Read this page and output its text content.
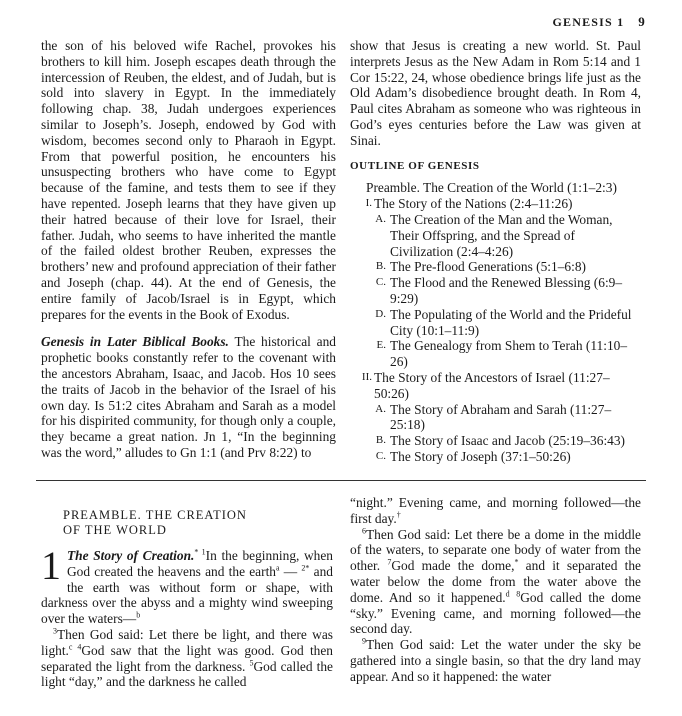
GENESIS 1 9

the son of his beloved wife Rachel, provokes his brothers to kill him. Joseph escapes death through the intercession of Reuben, the eldest, and of Judah, but is sold into slavery in Egypt. In the immediately following chap. 38, Judah undergoes experiences similar to Joseph’s. Joseph, endowed by God with wisdom, becomes second only to Pharaoh in Egypt. From that powerful position, he encounters his unsuspecting brothers who have come to Egypt because of the famine, and tests them to see if they have repented. Joseph learns that they have given up their hatred because of their love for Israel, their father. Judah, who seems to have inherited the mantle of the failed oldest brother Reuben, expresses the brothers’ new and profound appreciation of their father and Joseph (chap. 44). At the end of Genesis, the entire family of Jacob/Israel is in Egypt, which prepares for the events in the Book of Exodus.

Genesis in Later Biblical Books. The historical and prophetic books constantly refer to the covenant with the ancestors Abraham, Isaac, and Jacob. Hos 10 sees the traits of Jacob in the behavior of the Israel of his own day. Is 51:2 cites Abraham and Sarah as a model for his dispirited community, for though only a couple, they became a great nation. Jn 1, “In the beginning was the word,” alludes to Gn 1:1 (and Prv 8:22) to

show that Jesus is creating a new world. St. Paul interprets Jesus as the New Adam in Rom 5:14 and 1 Cor 15:22, 24, whose obedience brings life just as the Old Adam’s disobedience brought death. In Rom 4, Paul cites Abraham as someone who was righteous in God’s eyes centuries before the Law was given at Sinai.

OUTLINE OF GENESIS
Preamble. The Creation of the World (1:1–2:3)
I. The Story of the Nations (2:4–11:26)
A. The Creation of the Man and the Woman, Their Offspring, and the Spread of Civilization (2:4–4:26)
B. The Pre-flood Generations (5:1–6:8)
C. The Flood and the Renewed Blessing (6:9–9:29)
D. The Populating of the World and the Prideful City (10:1–11:9)
E. The Genealogy from Shem to Terah (11:10–26)
II. The Story of the Ancestors of Israel (11:27–50:26)
A. The Story of Abraham and Sarah (11:27–25:18)
B. The Story of Isaac and Jacob (25:19–36:43)
C. The Story of Joseph (37:1–50:26)
PREAMBLE. THE CREATION
OF THE WORLD

1 The Story of Creation.* $^1$In the beginning, when God created the heavens and the earth$^a$ — $^{2*}$ and the earth was without form or shape, with darkness over the abyss and a mighty wind sweeping over the waters—$^b$

$^3$Then God said: Let there be light, and there was light.$^c$ $^4$God saw that the light was good. God then separated the light from the darkness. $^5$God called the light “day,” and the darkness he called

“night.” Evening came, and morning followed—the first day.†

$^6$Then God said: Let there be a dome in the middle of the waters, to separate one body of water from the other. $^7$God made the dome,* and it separated the water below the dome from the water above the dome. And so it happened.$^d$ $^8$God called the dome “sky.” Evening came, and morning followed—the second day.

$^9$Then God said: Let the water under the sky be gathered into a single basin, so that the dry land may appear. And so it happened: the water
